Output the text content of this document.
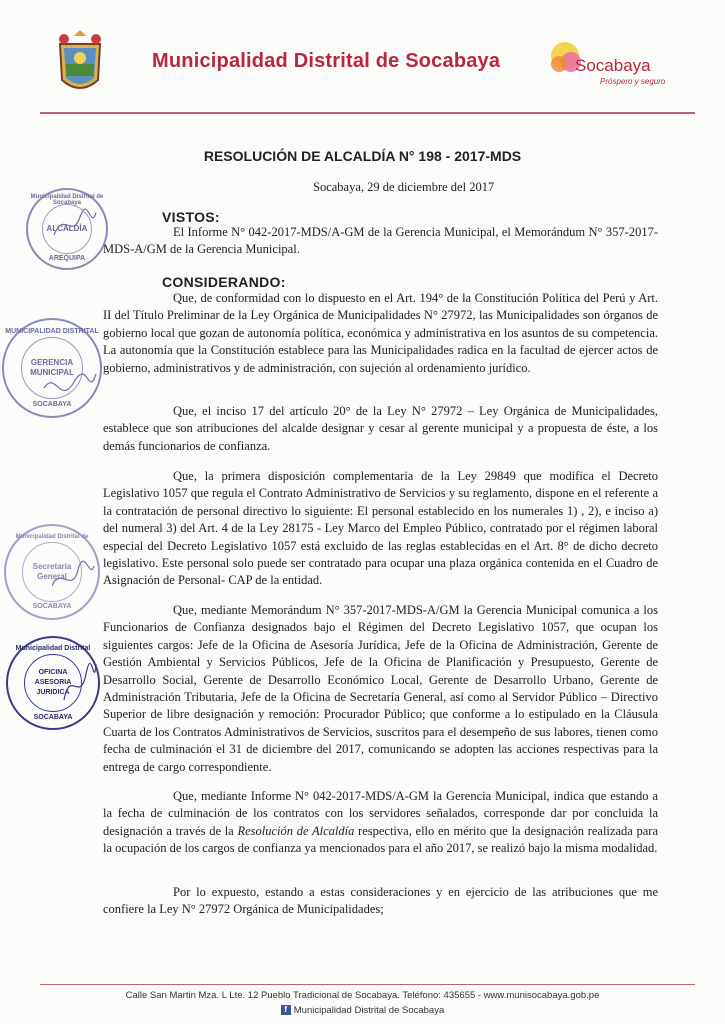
Municipalidad Distrital de Socabaya	Socabaya
Próspero y seguro
RESOLUCIÓN DE ALCALDÍA N° 198 - 2017-MDS
Socabaya, 29 de diciembre del 2017
VISTOS:
El Informe N° 042-2017-MDS/A-GM de la Gerencia Municipal, el Memorándum N° 357-2017-MDS-A/GM de la Gerencia Municipal.
CONSIDERANDO:
Que, de conformidad con lo dispuesto en el Art. 194° de la Constitución Política del Perú y Art. II del Título Preliminar de la Ley Orgánica de Municipalidades N° 27972, las Municipalidades son órganos de gobierno local que gozan de autonomía política, económica y administrativa en los asuntos de su competencia. La autonomía que la Constitución establece para las Municipalidades radica en la facultad de ejercer actos de gobierno, administrativos y de administración, con sujeción al ordenamiento jurídico.
Que, el inciso 17 del artículo 20° de la Ley N° 27972 – Ley Orgánica de Municipalidades, establece que son atribuciones del alcalde designar y cesar al gerente municipal y a propuesta de éste, a los demás funcionarios de confianza.
Que, la primera disposición complementaria de la Ley 29849 que modifica el Decreto Legislativo 1057 que regula el Contrato Administrativo de Servicios y su reglamento, dispone en el referente a la contratación de personal directivo lo siguiente: El personal establecido en los numerales 1) , 2), e inciso a) del numeral 3) del Art. 4 de la Ley 28175 - Ley Marco del Empleo Público, contratado por el régimen laboral especial del Decreto Legislativo 1057 está excluido de las reglas establecidas en el Art. 8° de dicho decreto legislativo. Este personal solo puede ser contratado para ocupar una plaza orgánica contenida en el Cuadro de Asignación de Personal- CAP de la entidad.
Que, mediante Memorándum N° 357-2017-MDS-A/GM la Gerencia Municipal comunica a los Funcionarios de Confianza designados bajo el Régimen del Decreto Legislativo 1057, que ocupan los siguientes cargos: Jefe de la Oficina de Asesoría Jurídica, Jefe de la Oficina de Administración, Gerente de Gestión Ambiental y Servicios Públicos, Jefe de la Oficina de Planificación y Presupuesto, Gerente de Desarrollo Social, Gerente de Desarrollo Económico Local, Gerente de Desarrollo Urbano, Gerente de Administración Tributaria, Jefe de la Oficina de Secretaría General, así como al Servidor Público – Directivo Superior de libre designación y remoción: Procurador Público; que conforme a lo estipulado en la Cláusula Cuarta de los Contratos Administrativos de Servicios, suscritos para el desempeño de sus labores, tienen como fecha de culminación el 31 de diciembre del 2017, comunicando se adopten las acciones respectivas para la entrega de cargo correspondiente.
Que, mediante Informe N° 042-2017-MDS/A-GM la Gerencia Municipal, indica que estando a la fecha de culminación de los contratos con los servidores señalados, corresponde dar por concluida la designación a través de la Resolución de Alcaldía respectiva, ello en mérito que la designación realizada para la ocupación de los cargos de confianza ya mencionados para el año 2017, se realizó bajo la misma modalidad.
Por lo expuesto, estando a estas consideraciones y en ejercicio de las atribuciones que me confiere la Ley N° 27972 Orgánica de Municipalidades;
Municipalidad Distrital de Socabaya
ALCALDÍA
AREQUIPA
MUNICIPALIDAD DISTRITAL
GERENCIA MUNICIPAL
SOCABAYA
Municipalidad Distrital de
Secretaría General
SOCABAYA
Municipalidad Distrital
OFICINA ASESORIA JURIDICA
SOCABAYA
Calle San Martin Mza. L Lte. 12 Pueblo Tradicional de Socabaya. Teléfono: 435655 - www.munisocabaya.gob.pe
f Municipalidad Distrital de Socabaya
